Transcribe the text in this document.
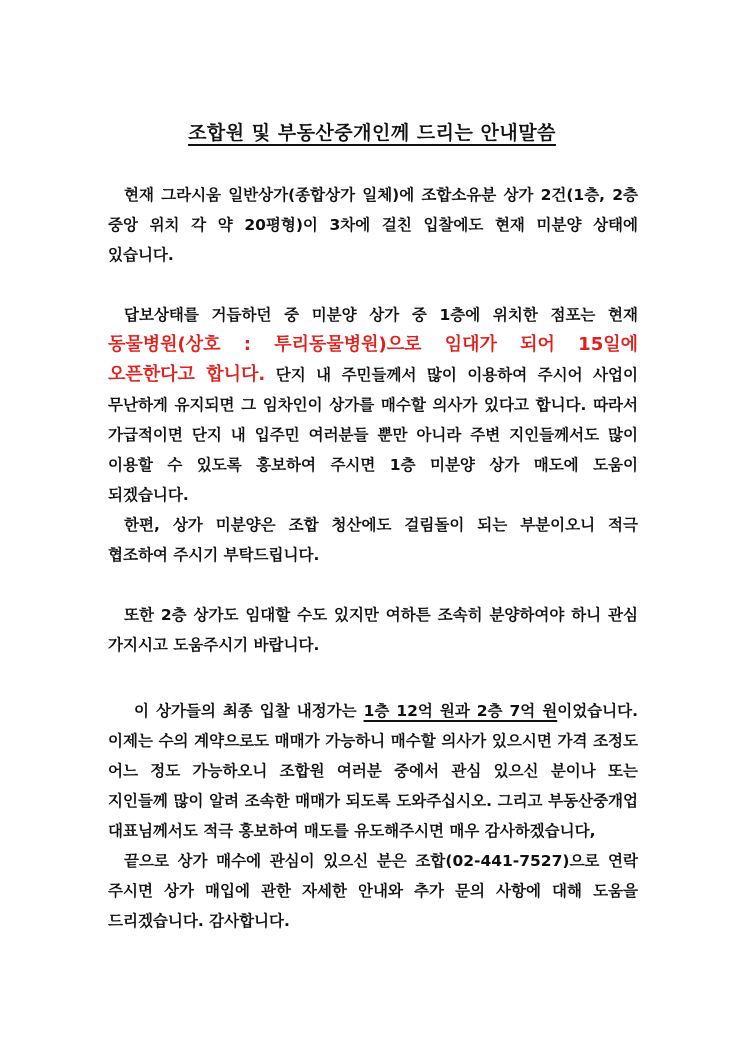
조합원 및 부동산중개인께 드리는 안내말씀

현재 그라시움 일반상가(종합상가 일체)에 조합소유분 상가 2건(1층, 2층 중앙 위치 각 약 20평형)이 3차에 걸친 입찰에도 현재 미분양 상태에 있습니다.

답보상태를 거듭하던 중 미분양 상가 중 1층에 위치한 점포는 현재 동물병원(상호 : 투리동물병원)으로 임대가 되어 15일에 오픈한다고 합니다. 단지 내 주민들께서 많이 이용하여 주시어 사업이 무난하게 유지되면 그 임차인이 상가를 매수할 의사가 있다고 합니다. 따라서 가급적이면 단지 내 입주민 여러분들 뿐만 아니라 주변 지인들께서도 많이 이용할 수 있도록 홍보하여 주시면 1층 미분양 상가 매도에 도움이 되겠습니다.

한편, 상가 미분양은 조합 청산에도 걸림돌이 되는 부분이오니 적극 협조하여 주시기 부탁드립니다.

또한 2층 상가도 임대할 수도 있지만 여하튼 조속히 분양하여야 하니 관심 가지시고 도움주시기 바랍니다.

이 상가들의 최종 입찰 내정가는 1층 12억 원과 2층 7억 원이었습니다. 이제는 수의 계약으로도 매매가 가능하니 매수할 의사가 있으시면 가격 조정도 어느 정도 가능하오니 조합원 여러분 중에서 관심 있으신 분이나 또는 지인들께 많이 알려 조속한 매매가 되도록 도와주십시오. 그리고 부동산중개업 대표님께서도 적극 홍보하여 매도를 유도해주시면 매우 감사하겠습니다,

끝으로 상가 매수에 관심이 있으신 분은 조합(02-441-7527)으로 연락 주시면 상가 매입에 관한 자세한 안내와 추가 문의 사항에 대해 도움을 드리겠습니다. 감사합니다.
